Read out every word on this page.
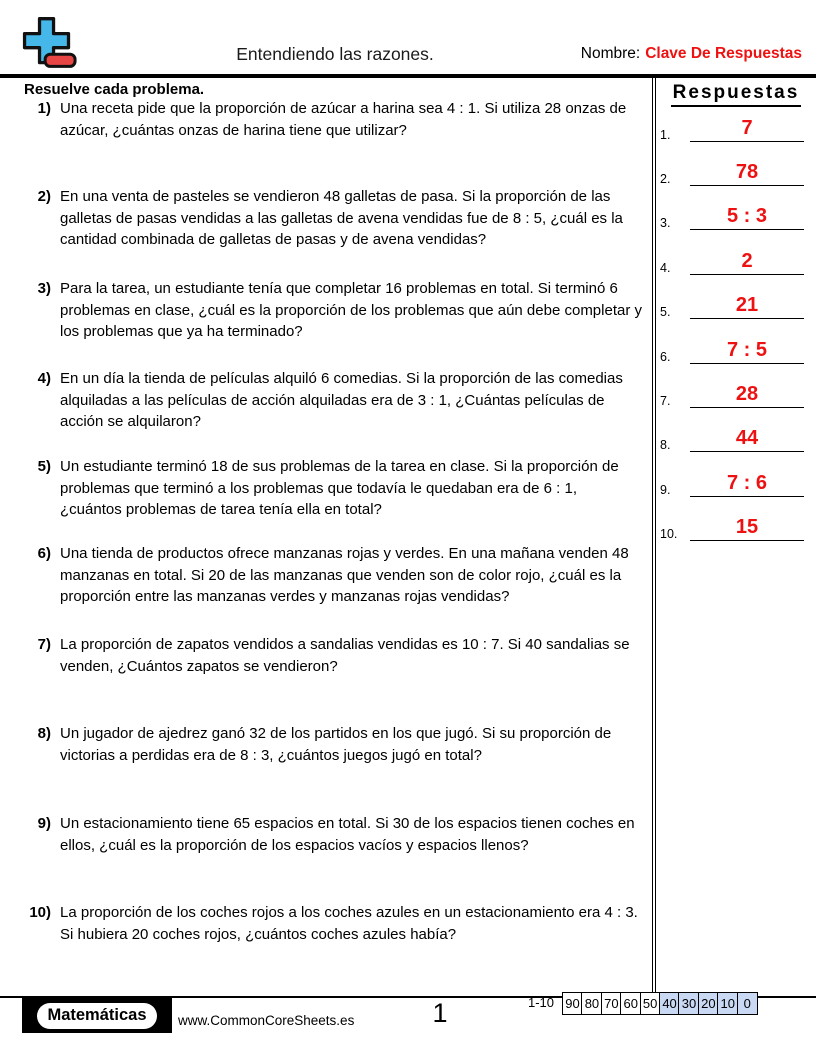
Entendiendo las razones.	Nombre: Clave De Respuestas
Resuelve cada problema.
1) Una receta pide que la proporción de azúcar a harina sea 4 : 1. Si utiliza 28 onzas de azúcar, ¿cuántas onzas de harina tiene que utilizar?
2) En una venta de pasteles se vendieron 48 galletas de pasa. Si la proporción de las galletas de pasas vendidas a las galletas de avena vendidas fue de 8 : 5, ¿cuál es la cantidad combinada de galletas de pasas y de avena vendidas?
3) Para la tarea, un estudiante tenía que completar 16 problemas en total. Si terminó 6 problemas en clase, ¿cuál es la proporción de los problemas que aún debe completar y los problemas que ya ha terminado?
4) En un día la tienda de películas alquiló 6 comedias. Si la proporción de las comedias alquiladas a las películas de acción alquiladas era de 3 : 1, ¿Cuántas películas de acción se alquilaron?
5) Un estudiante terminó 18 de sus problemas de la tarea en clase. Si la proporción de problemas que terminó a los problemas que todavía le quedaban era de 6 : 1, ¿cuántos problemas de tarea tenía ella en total?
6) Una tienda de productos ofrece manzanas rojas y verdes. En una mañana venden 48 manzanas en total. Si 20 de las manzanas que venden son de color rojo, ¿cuál es la proporción entre las manzanas verdes y manzanas rojas vendidas?
7) La proporción de zapatos vendidos a sandalias vendidas es 10 : 7. Si 40 sandalias se venden, ¿Cuántos zapatos se vendieron?
8) Un jugador de ajedrez ganó 32 de los partidos en los que jugó. Si su proporción de victorias a perdidas era de 8 : 3, ¿cuántos juegos jugó en total?
9) Un estacionamiento tiene 65 espacios en total. Si 30 de los espacios tienen coches en ellos, ¿cuál es la proporción de los espacios vacíos y espacios llenos?
10) La proporción de los coches rojos a los coches azules en un estacionamiento era 4 : 3. Si hubiera 20 coches rojos, ¿cuántos coches azules había?
Respuestas
1.	7
2.	78
3.	5 : 3
4.	2
5.	21
6.	7 : 5
7.	28
8.	44
9.	7 : 6
10.	15
Matemáticas	www.CommonCoreSheets.es	1	1-10 90 80 70 60 50 40 30 20 10 0
